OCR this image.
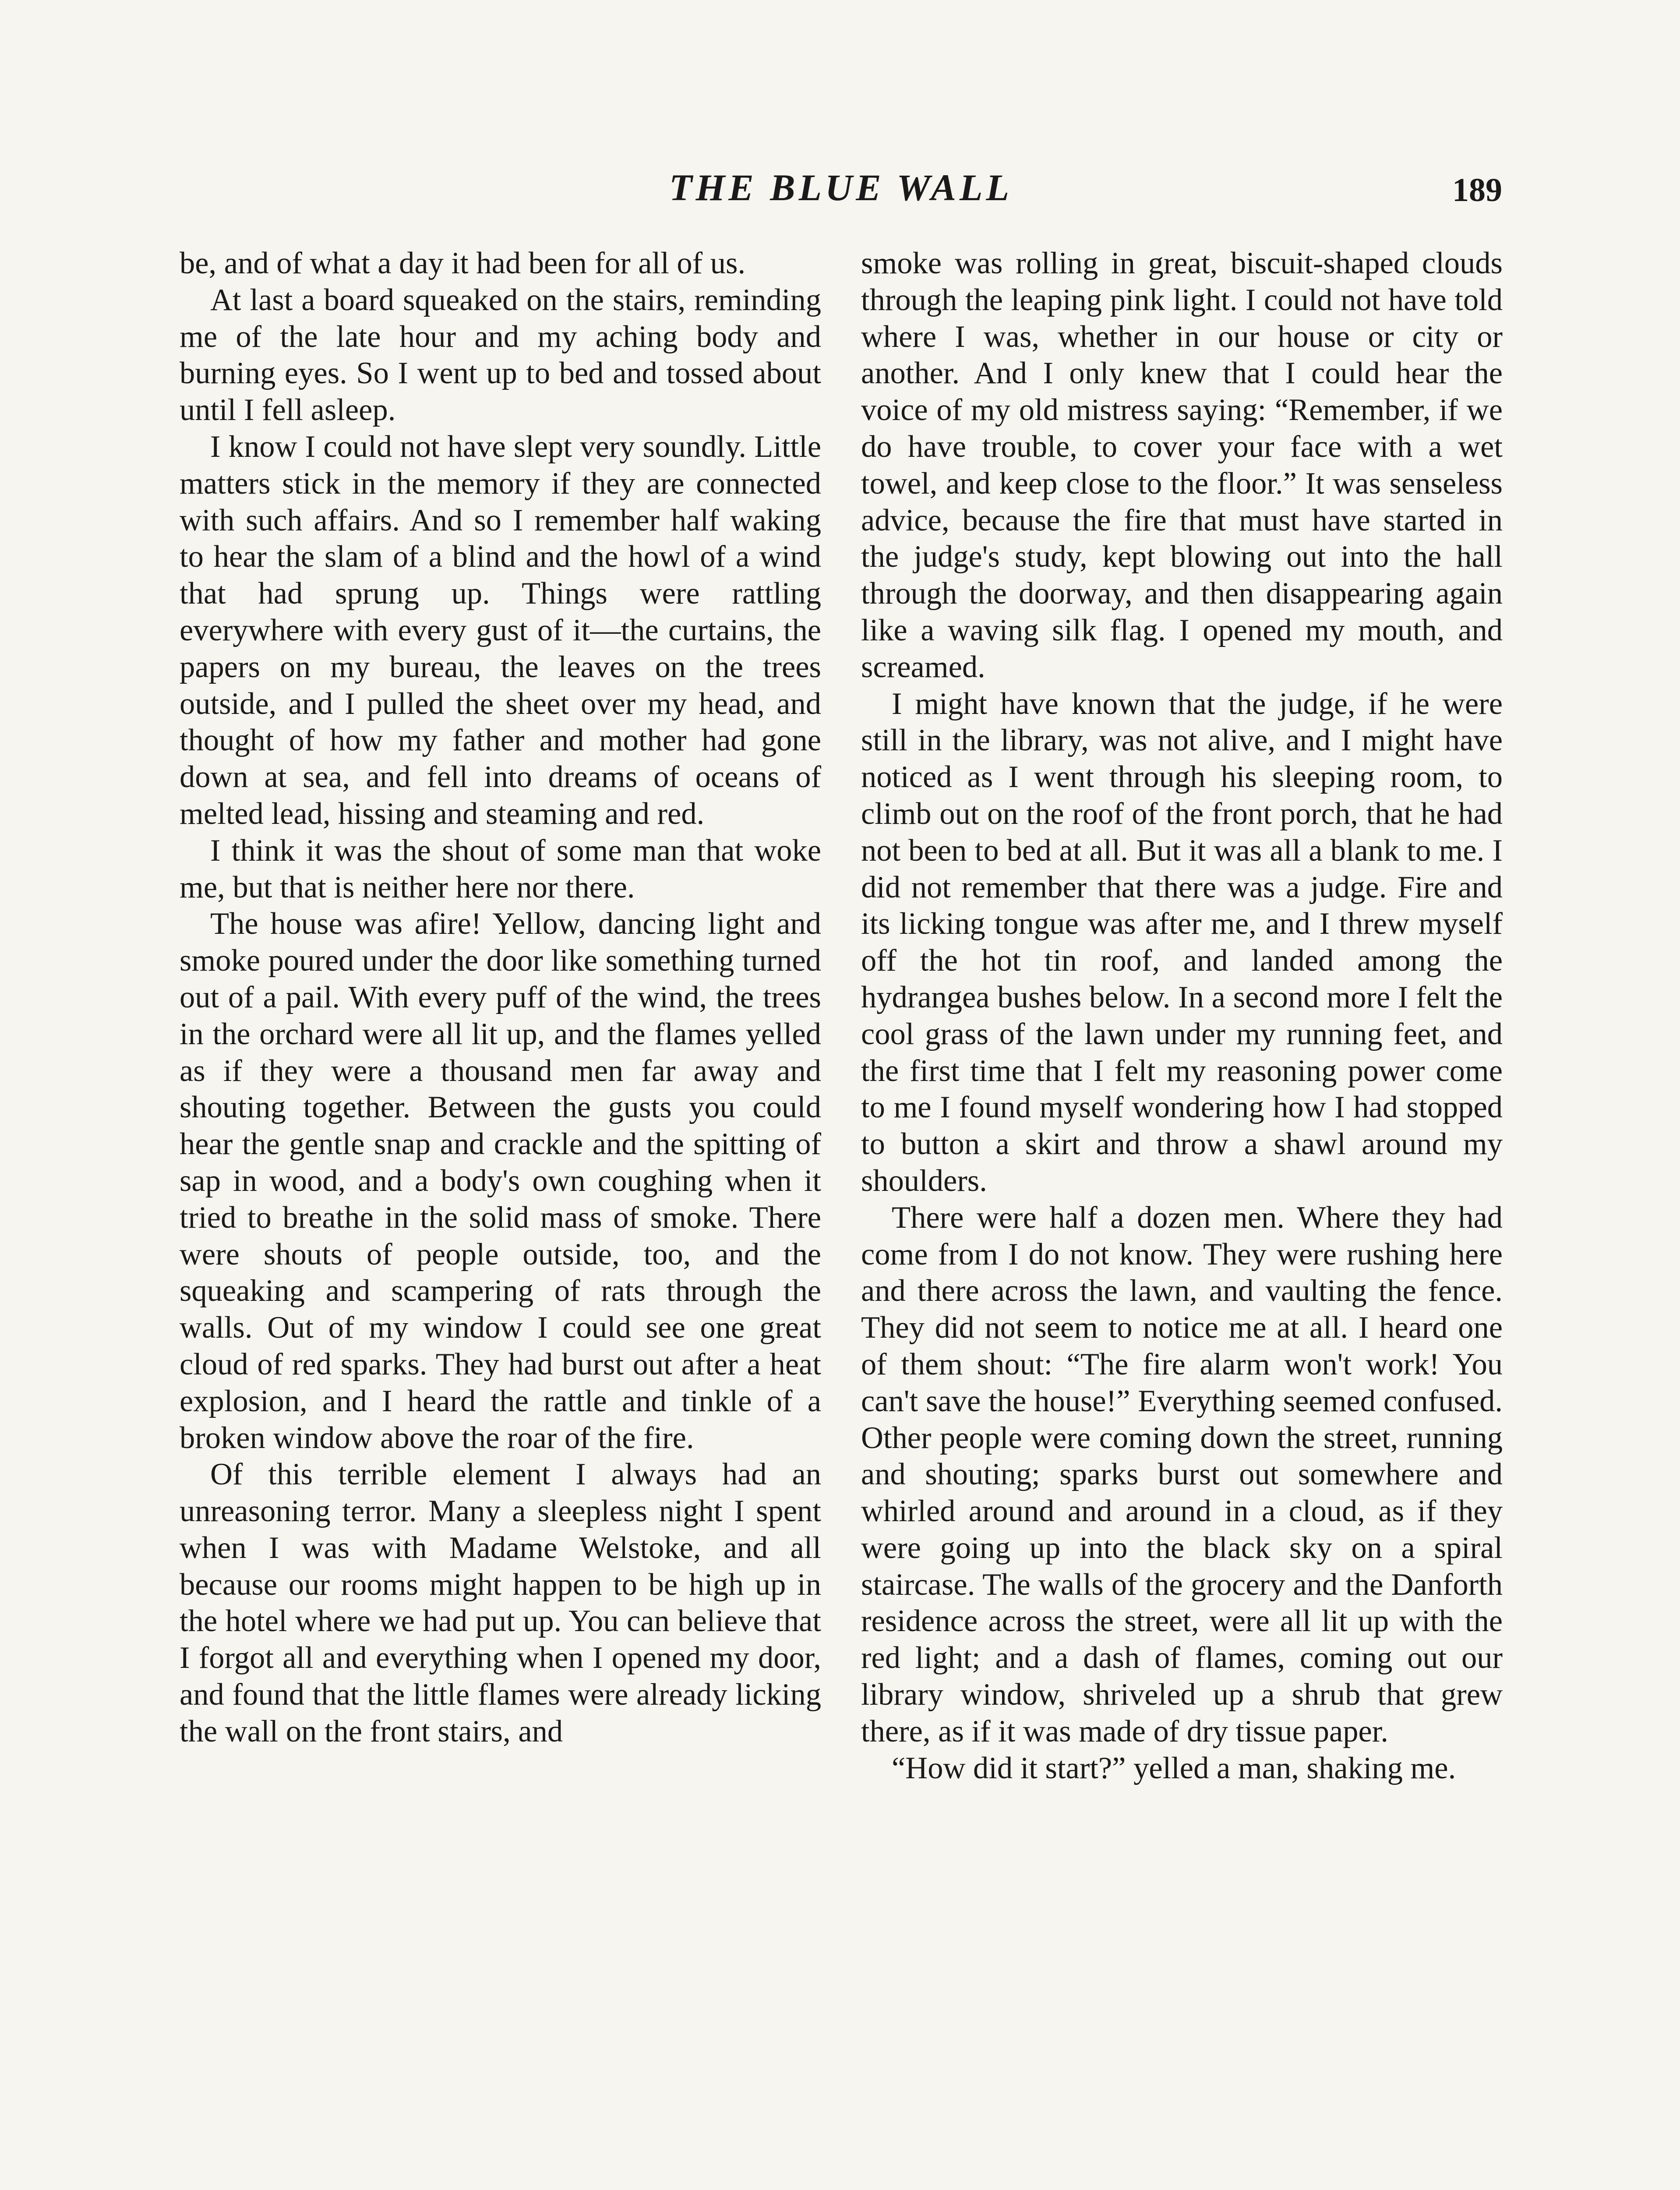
THE BLUE WALL	189

be, and of what a day it had been for all of us.

At last a board squeaked on the stairs, reminding me of the late hour and my aching body and burning eyes. So I went up to bed and tossed about until I fell asleep.

I know I could not have slept very soundly. Little matters stick in the memory if they are connected with such affairs. And so I remember half waking to hear the slam of a blind and the howl of a wind that had sprung up. Things were rattling everywhere with every gust of it—the curtains, the papers on my bureau, the leaves on the trees outside, and I pulled the sheet over my head, and thought of how my father and mother had gone down at sea, and fell into dreams of oceans of melted lead, hissing and steaming and red.

I think it was the shout of some man that woke me, but that is neither here nor there.

The house was afire! Yellow, dancing light and smoke poured under the door like something turned out of a pail. With every puff of the wind, the trees in the orchard were all lit up, and the flames yelled as if they were a thousand men far away and shouting together. Between the gusts you could hear the gentle snap and crackle and the spitting of sap in wood, and a body's own coughing when it tried to breathe in the solid mass of smoke. There were shouts of people outside, too, and the squeaking and scampering of rats through the walls. Out of my window I could see one great cloud of red sparks. They had burst out after a heat explosion, and I heard the rattle and tinkle of a broken window above the roar of the fire.

Of this terrible element I always had an unreasoning terror. Many a sleepless night I spent when I was with Madame Welstoke, and all because our rooms might happen to be high up in the hotel where we had put up. You can believe that I forgot all and everything when I opened my door, and found that the little flames were already licking the wall on the front stairs, and

smoke was rolling in great, biscuit-shaped clouds through the leaping pink light. I could not have told where I was, whether in our house or city or another. And I only knew that I could hear the voice of my old mistress saying: “Remember, if we do have trouble, to cover your face with a wet towel, and keep close to the floor.” It was senseless advice, because the fire that must have started in the judge's study, kept blowing out into the hall through the doorway, and then disappearing again like a waving silk flag. I opened my mouth, and screamed.

I might have known that the judge, if he were still in the library, was not alive, and I might have noticed as I went through his sleeping room, to climb out on the roof of the front porch, that he had not been to bed at all. But it was all a blank to me. I did not remember that there was a judge. Fire and its licking tongue was after me, and I threw myself off the hot tin roof, and landed among the hydrangea bushes below. In a second more I felt the cool grass of the lawn under my running feet, and the first time that I felt my reasoning power come to me I found myself wondering how I had stopped to button a skirt and throw a shawl around my shoulders.

There were half a dozen men. Where they had come from I do not know. They were rushing here and there across the lawn, and vaulting the fence. They did not seem to notice me at all. I heard one of them shout: “The fire alarm won't work! You can't save the house!” Everything seemed confused. Other people were coming down the street, running and shouting; sparks burst out somewhere and whirled around and around in a cloud, as if they were going up into the black sky on a spiral staircase. The walls of the grocery and the Danforth residence across the street, were all lit up with the red light; and a dash of flames, coming out our library window, shriveled up a shrub that grew there, as if it was made of dry tissue paper.

“How did it start?” yelled a man, shaking me.
